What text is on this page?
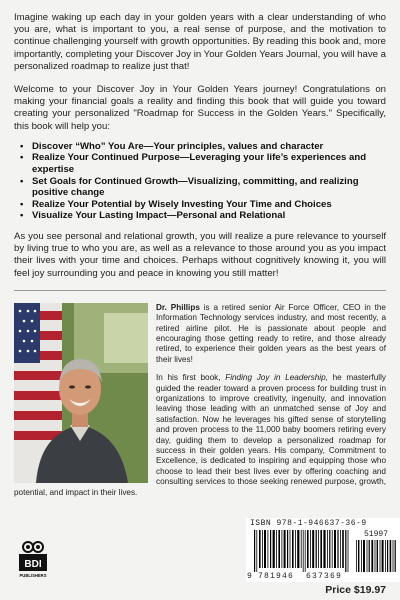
Imagine waking up each day in your golden years with a clear understanding of who you are, what is important to you, a real sense of purpose, and the motivation to continue challenging yourself with growth opportunities. By reading this book and, more importantly, completing your Discover Joy in Your Golden Years Journal, you will have a personalized roadmap to realize just that!

Welcome to your Discover Joy in Your Golden Years journey! Congratulations on making your financial goals a reality and finding this book that will guide you toward creating your personalized "Roadmap for Success in the Golden Years." Specifically, this book will help you:

• Discover “Who” You Are—Your principles, values and character
• Realize Your Continued Purpose—Leveraging your life’s experiences and expertise
• Set Goals for Continued Growth—Visualizing, committing, and realizing positive change
• Realize Your Potential by Wisely Investing Your Time and Choices
• Visualize Your Lasting Impact—Personal and Relational

As you see personal and relational growth, you will realize a pure relevance to yourself by living true to who you are, as well as a relevance to those around you as you impact their lives with your time and choices. Perhaps without cognitively knowing it, you will feel joy surrounding you and peace in knowing you still matter!

Dr. Phillips is a retired senior Air Force Officer, CEO in the Information Technology services industry, and most recently, a retired airline pilot. He is passionate about people and encouraging those getting ready to retire, and those already retired, to experience their golden years as the best years of their lives!

In his first book, Finding Joy in Leadership, he masterfully guided the reader toward a proven process for building trust in organizations to improve creativity, ingenuity, and innovation leaving those leading with an unmatched sense of Joy and satisfaction. Now he leverages his gifted sense of storytelling and proven process to the 11,000 baby boomers retiring every day, guiding them to develop a personalized roadmap for success in their golden years. His company, Commitment to Excellence, is dedicated to inspiring and equipping those who choose to lead their best lives ever by offering coaching and consulting services to those seeking renewed purpose, growth, potential, and impact in their lives.

BDI
PUBLISHERS
ISBN 978-1-946637-36-9
51997
9 781946 637369
Price $19.97
